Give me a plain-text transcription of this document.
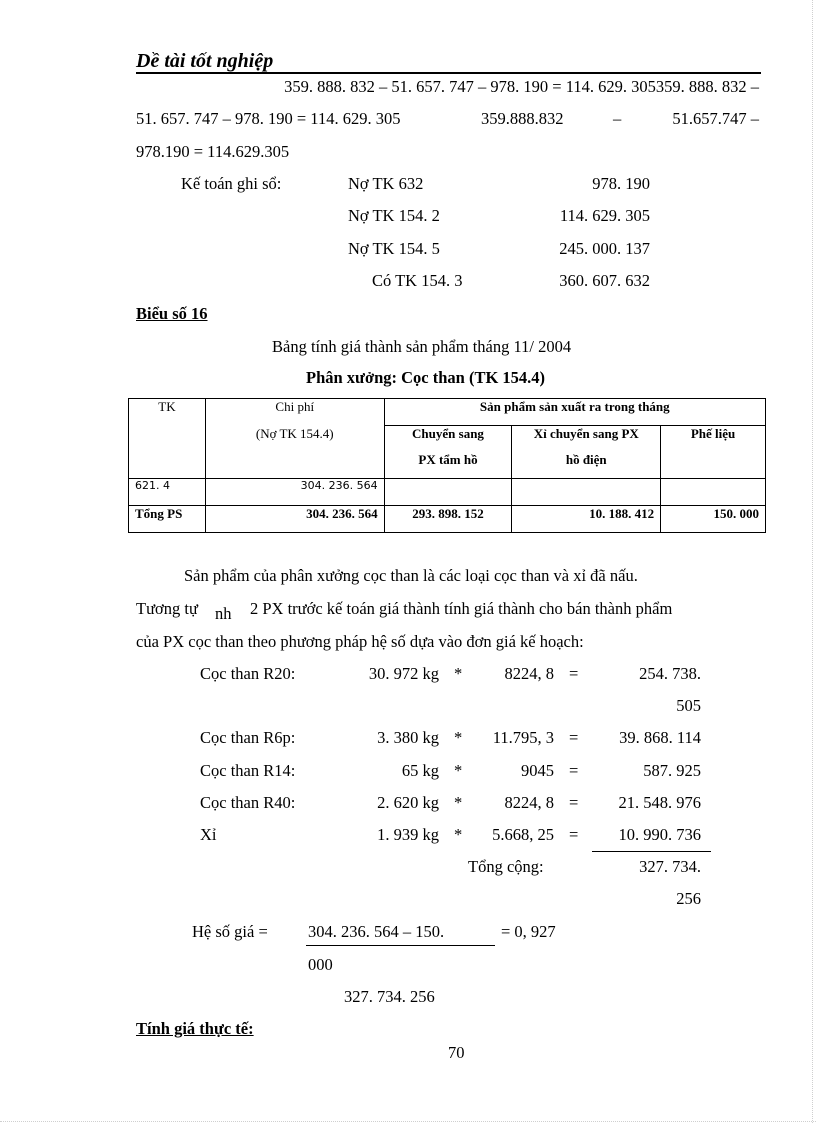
Dề tài tốt nghiệp
359. 888. 832 – 51. 657. 747 – 978. 190 = 114. 629. 305359. 888. 832 –
51. 657. 747 – 978. 190 = 114. 629. 305	359.888.832	–	51.657.747 –
978.190 = 114.629.305
Kế toán ghi sổ:	Nợ TK 632	978. 190
Nợ TK 154. 2	114. 629. 305
Nợ TK 154. 5	245. 000. 137
Có TK 154. 3	360. 607. 632
Biểu số 16
Bảng tính giá thành sản phẩm tháng 11/ 2004
Phân xưởng: Cọc than (TK 154.4)
TK	Chi phí	Sản phẩm sản xuất ra trong tháng		
	(Nợ TK 154.4)	Chuyển sang	Xỉ chuyển sang PX	Phế liệu
		PX tẩm hồ	hồ điện	
621. 4	304. 236. 564			
Tổng PS	304. 236. 564	293. 898. 152	10. 188. 412	150. 000
Sản phẩm của phân xưởng cọc than là các loại cọc than và xỉ đã nấu.
Tương tự nh 2 PX trước kế toán giá thành tính giá thành cho bán thành phẩm
của PX cọc than theo phương pháp hệ số dựa vào đơn giá kế hoạch:
Cọc than R20:	30. 972 kg *	8224, 8 =	254. 738.
505
Cọc than R6p:	3. 380 kg * 11.795, 3 = 39. 868. 114
Cọc than R14:	65 kg *	9045 =	587. 925
Cọc than R40:	2. 620 kg *	8224, 8 = 21. 548. 976
Xỉ	1. 939 kg * 5.668, 25 = 10. 990. 736
Tổng cộng:	327. 734.
256
Hệ số giá = 304. 236. 564 – 150.	= 0, 927
000
327. 734. 256
Tính giá thực tế:
70
